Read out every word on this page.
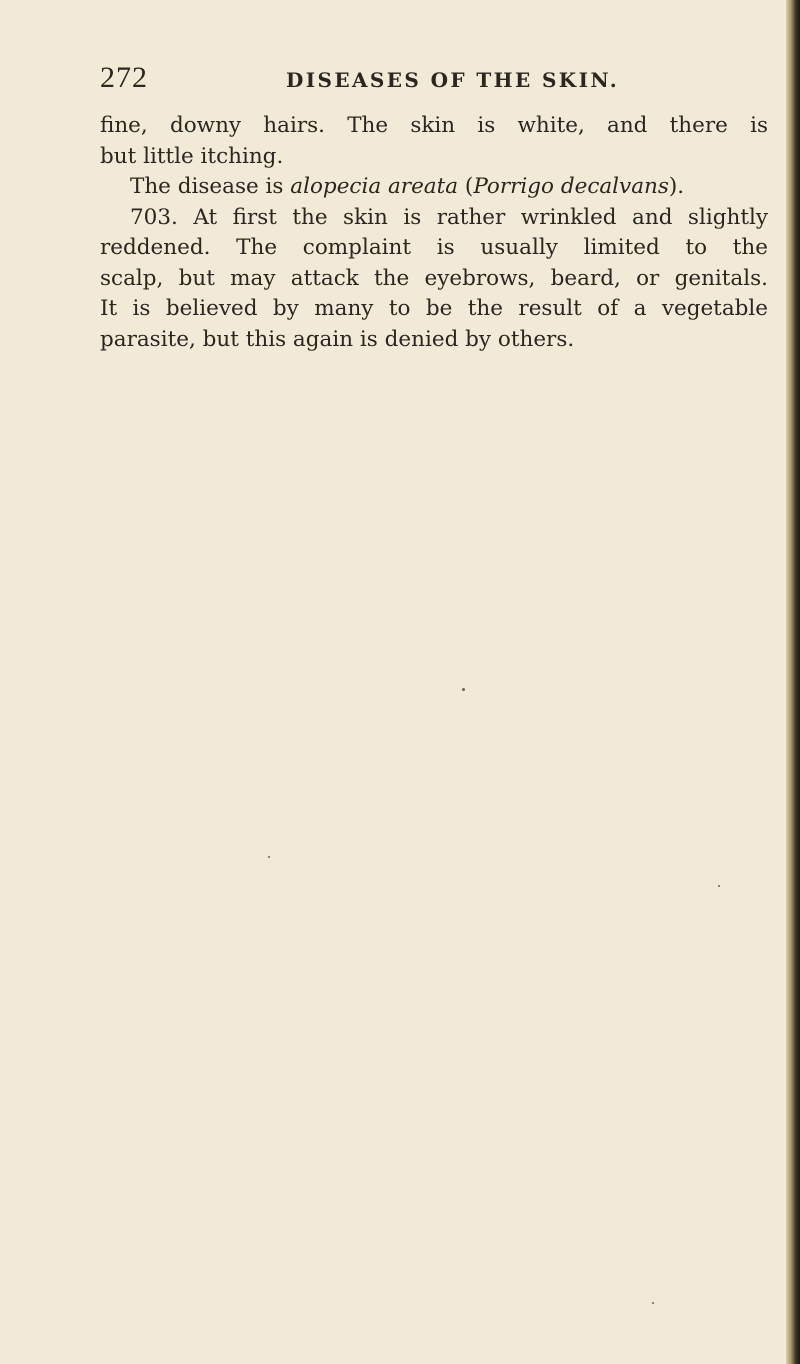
272	DISEASES OF THE SKIN.
fine, downy hairs. The skin is white, and there is
but little itching.
The disease is alopecia areata (Porrigo decalvans).
703. At first the skin is rather wrinkled and slightly
reddened. The complaint is usually limited to the
scalp, but may attack the eyebrows, beard, or genitals.
It is believed by many to be the result of a vegetable
parasite, but this again is denied by others.
